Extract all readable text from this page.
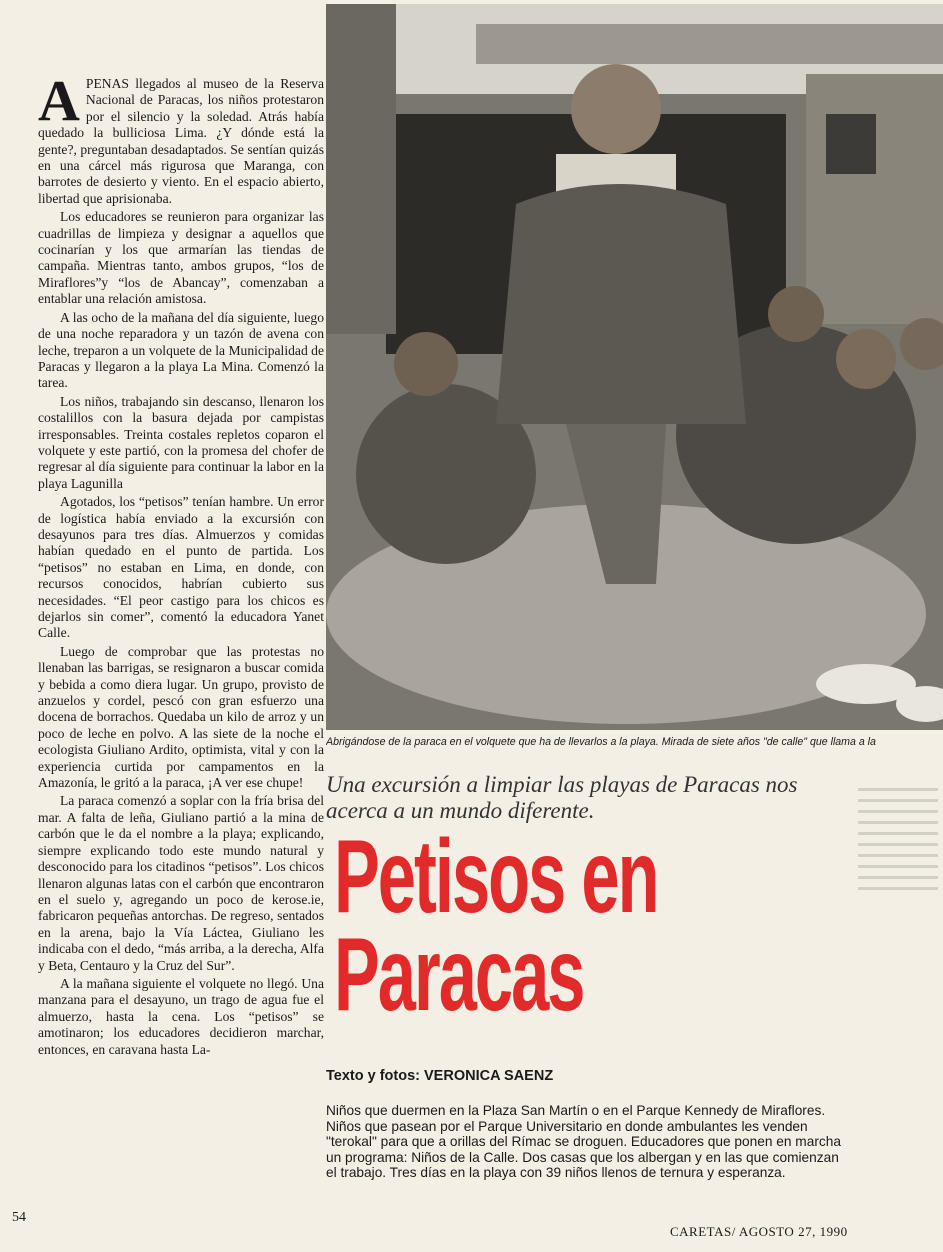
APENAS llegados al museo de la Reserva Nacional de Paracas, los niños protestaron por el silencio y la soledad. Atrás había quedado la bulliciosa Lima. ¿Y dónde está la gente?, preguntaban desadaptados. Se sentían quizás en una cárcel más rigurosa que Maranga, con barrotes de desierto y viento. En el espacio abierto, libertad que aprisionaba.

Los educadores se reunieron para organizar las cuadrillas de limpieza y designar a aquellos que cocinarían y los que armarían las tiendas de campaña. Mientras tanto, ambos grupos, “los de Miraflores”y “los de Abancay”, comenzaban a entablar una relación amistosa.

A las ocho de la mañana del día siguiente, luego de una noche reparadora y un tazón de avena con leche, treparon a un volquete de la Municipalidad de Paracas y llegaron a la playa La Mina. Comenzó la tarea.

Los niños, trabajando sin descanso, llenaron los costalillos con la basura dejada por campistas irresponsables. Treinta costales repletos coparon el volquete y este partió, con la promesa del chofer de regresar al día siguiente para continuar la labor en la playa Lagunilla

Agotados, los “petisos” tenían hambre. Un error de logística había enviado a la excursión con desayunos para tres días. Almuerzos y comidas habían quedado en el punto de partida. Los “petisos” no estaban en Lima, en donde, con recursos conocidos, habrían cubierto sus necesidades. “El peor castigo para los chicos es dejarlos sin comer”, comentó la educadora Yanet Calle.

Luego de comprobar que las protestas no llenaban las barrigas, se resignaron a buscar comida y bebida a como diera lugar. Un grupo, provisto de anzuelos y cordel, pescó con gran esfuerzo una docena de borrachos. Quedaba un kilo de arroz y un poco de leche en polvo. A las siete de la noche el ecologista Giuliano Ardito, optimista, vital y con la experiencia curtida por campamentos en la Amazonía, le gritó a la paraca, ¡A ver ese chupe!

La paraca comenzó a soplar con la fría brisa del mar. A falta de leña, Giuliano partió a la mina de carbón que le da el nombre a la playa; explicando, siempre explicando todo este mundo natural y desconocido para los citadinos “petisos”. Los chicos llenaron algunas latas con el carbón que encontraron en el suelo y, agregando un poco de kerose.ie, fabricaron pequeñas antorchas. De regreso, sentados en la arena, bajo la Vía Láctea, Giuliano les indicaba con el dedo, “más arriba, a la derecha, Alfa y Beta, Centauro y la Cruz del Sur”.

A la mañana siguiente el volquete no llegó. Una manzana para el desayuno, un trago de agua fue el almuerzo, hasta la cena. Los “petisos” se amotinaron; los educadores decidieron marchar, entonces, en caravana hasta La-

Abrigándose de la paraca en el volquete que ha de llevarlos a la playa. Mirada de siete años "de calle" que llama a la
Una excursión a limpiar las playas de Paracas nos acerca a un mundo diferente.
Petisos en
Paracas
Texto y fotos: VERONICA SAENZ
Niños que duermen en la Plaza San Martín o en el Parque Kennedy de Miraflores. Niños que pasean por el Parque Universitario en donde ambulantes les venden "terokal" para que a orillas del Rímac se droguen. Educadores que ponen en marcha un programa: Niños de la Calle. Dos casas que los albergan y en las que comienzan el trabajo. Tres días en la playa con 39 niños llenos de ternura y esperanza.
54
CARETAS/ AGOSTO 27, 1990
